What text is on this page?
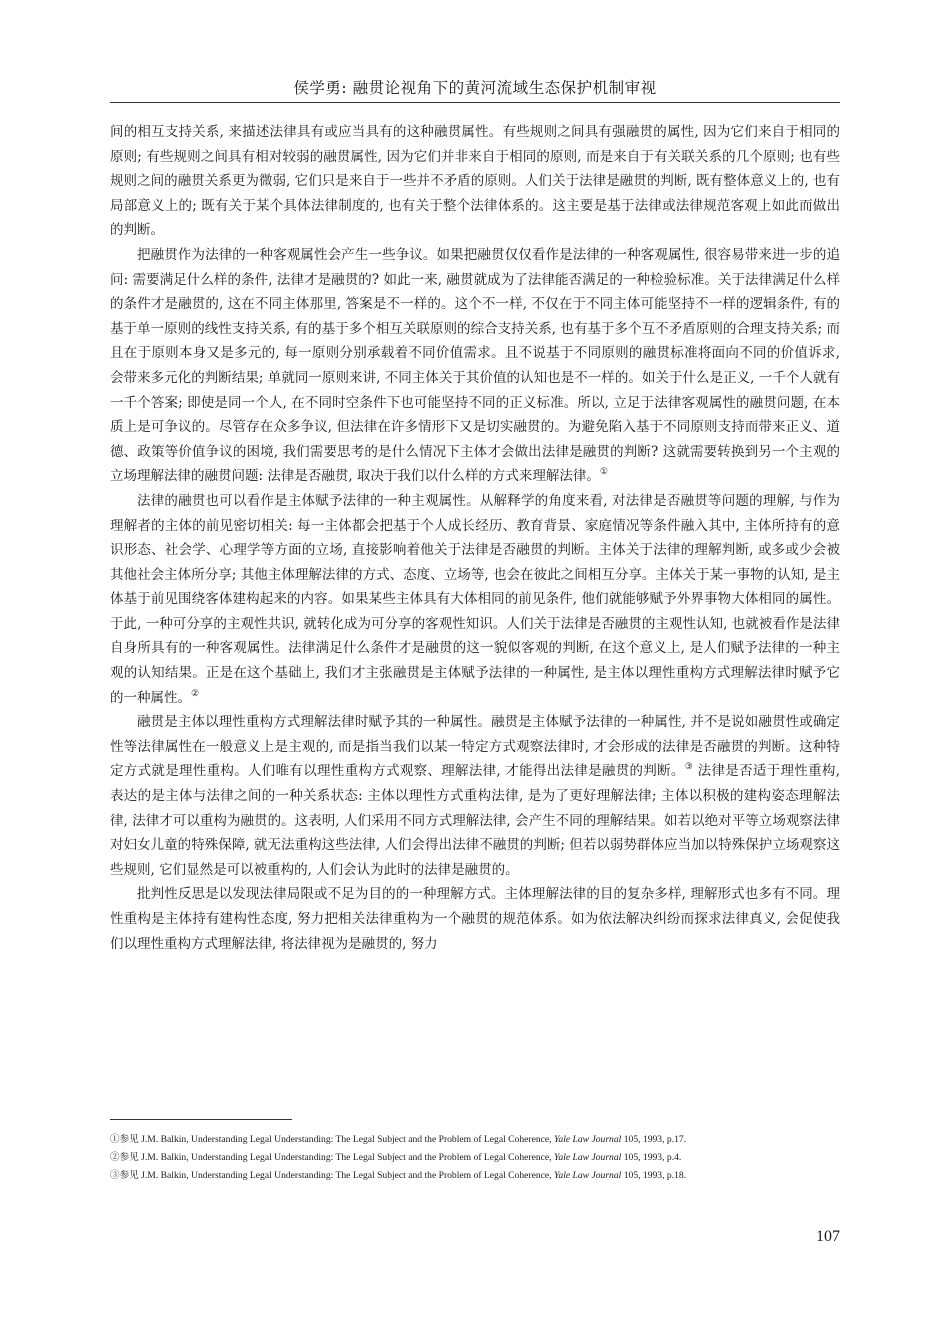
侯学勇: 融贯论视角下的黄河流域生态保护机制审视

间的相互支持关系, 来描述法律具有或应当具有的这种融贯属性。有些规则之间具有强融贯的属性, 因为它们来自于相同的原则; 有些规则之间具有相对较弱的融贯属性, 因为它们并非来自于相同的原则, 而是来自于有关联关系的几个原则; 也有些规则之间的融贯关系更为微弱, 它们只是来自于一些并不矛盾的原则。人们关于法律是融贯的判断, 既有整体意义上的, 也有局部意义上的; 既有关于某个具体法律制度的, 也有关于整个法律体系的。这主要是基于法律或法律规范客观上如此而做出的判断。

把融贯作为法律的一种客观属性会产生一些争议。如果把融贯仅仅看作是法律的一种客观属性, 很容易带来进一步的追问: 需要满足什么样的条件, 法律才是融贯的? 如此一来, 融贯就成为了法律能否满足的一种检验标准。关于法律满足什么样的条件才是融贯的, 这在不同主体那里, 答案是不一样的。这个不一样, 不仅在于不同主体可能坚持不一样的逻辑条件, 有的基于单一原则的线性支持关系, 有的基于多个相互关联原则的综合支持关系, 也有基于多个互不矛盾原则的合理支持关系; 而且在于原则本身又是多元的, 每一原则分别承载着不同价值需求。且不说基于不同原则的融贯标准将面向不同的价值诉求, 会带来多元化的判断结果; 单就同一原则来讲, 不同主体关于其价值的认知也是不一样的。如关于什么是正义, 一千个人就有一千个答案; 即使是同一个人, 在不同时空条件下也可能坚持不同的正义标准。所以, 立足于法律客观属性的融贯问题, 在本质上是可争议的。尽管存在众多争议, 但法律在许多情形下又是切实融贯的。为避免陷入基于不同原则支持而带来正义、道德、政策等价值争议的困境, 我们需要思考的是什么情况下主体才会做出法律是融贯的判断? 这就需要转换到另一个主观的立场理解法律的融贯问题: 法律是否融贯, 取决于我们以什么样的方式来理解法律。①

法律的融贯也可以看作是主体赋予法律的一种主观属性。从解释学的角度来看, 对法律是否融贯等问题的理解, 与作为理解者的主体的前见密切相关: 每一主体都会把基于个人成长经历、教育背景、家庭情况等条件融入其中, 主体所持有的意识形态、社会学、心理学等方面的立场, 直接影响着他关于法律是否融贯的判断。主体关于法律的理解判断, 或多或少会被其他社会主体所分享; 其他主体理解法律的方式、态度、立场等, 也会在彼此之间相互分享。主体关于某一事物的认知, 是主体基于前见围绕客体建构起来的内容。如果某些主体具有大体相同的前见条件, 他们就能够赋予外界事物大体相同的属性。于此, 一种可分享的主观性共识, 就转化成为可分享的客观性知识。人们关于法律是否融贯的主观性认知, 也就被看作是法律自身所具有的一种客观属性。法律满足什么条件才是融贯的这一貌似客观的判断, 在这个意义上, 是人们赋予法律的一种主观的认知结果。正是在这个基础上, 我们才主张融贯是主体赋予法律的一种属性, 是主体以理性重构方式理解法律时赋予它的一种属性。②

融贯是主体以理性重构方式理解法律时赋予其的一种属性。融贯是主体赋予法律的一种属性, 并不是说如融贯性或确定性等法律属性在一般意义上是主观的, 而是指当我们以某一特定方式观察法律时, 才会形成的法律是否融贯的判断。这种特定方式就是理性重构。人们唯有以理性重构方式观察、理解法律, 才能得出法律是融贯的判断。③ 法律是否适于理性重构, 表达的是主体与法律之间的一种关系状态: 主体以理性方式重构法律, 是为了更好理解法律; 主体以积极的建构姿态理解法律, 法律才可以重构为融贯的。这表明, 人们采用不同方式理解法律, 会产生不同的理解结果。如若以绝对平等立场观察法律对妇女儿童的特殊保障, 就无法重构这些法律, 人们会得出法律不融贯的判断; 但若以弱势群体应当加以特殊保护立场观察这些规则, 它们显然是可以被重构的, 人们会认为此时的法律是融贯的。

批判性反思是以发现法律局限或不足为目的的一种理解方式。主体理解法律的目的复杂多样, 理解形式也多有不同。理性重构是主体持有建构性态度, 努力把相关法律重构为一个融贯的规范体系。如为依法解决纠纷而探求法律真义, 会促使我们以理性重构方式理解法律, 将法律视为是融贯的, 努力

①参见 J.M. Balkin, Understanding Legal Understanding: The Legal Subject and the Problem of Legal Coherence, Yale Law Journal 105, 1993, p.17.

②参见 J.M. Balkin, Understanding Legal Understanding: The Legal Subject and the Problem of Legal Coherence, Yale Law Journal 105, 1993, p.4.

③参见 J.M. Balkin, Understanding Legal Understanding: The Legal Subject and the Problem of Legal Coherence, Yale Law Journal 105, 1993, p.18.

107
